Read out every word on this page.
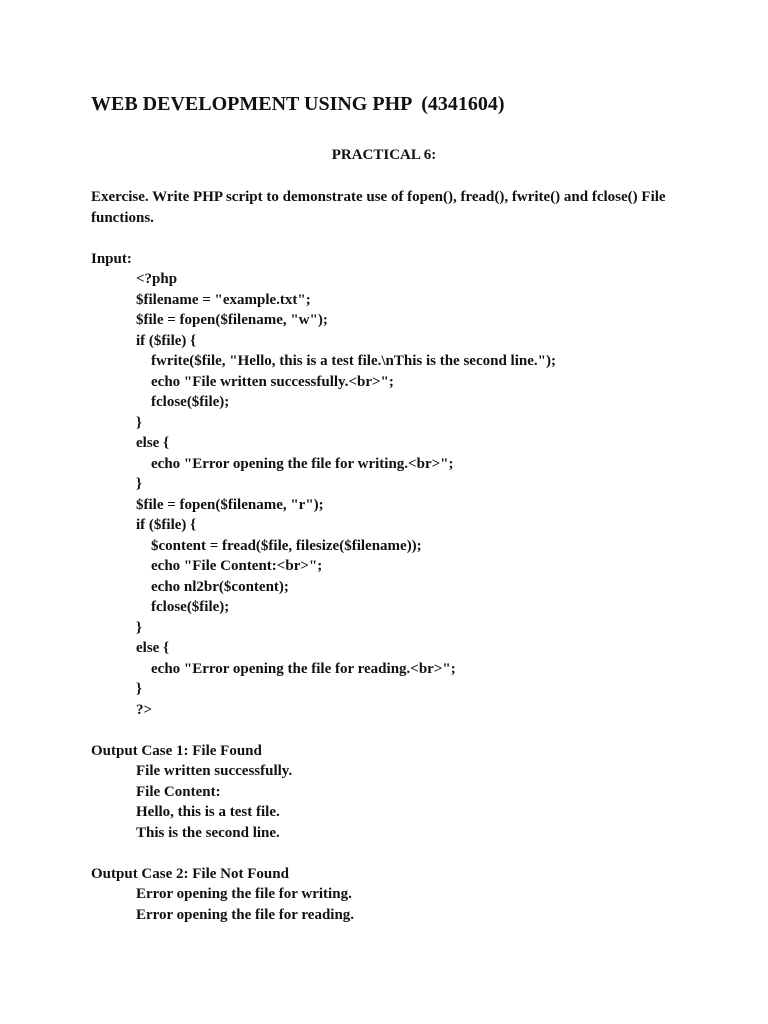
WEB DEVELOPMENT USING PHP  (4341604)
PRACTICAL 6:
Exercise. Write PHP script to demonstrate use of fopen(), fread(), fwrite() and fclose() File functions.
Input:
<?php
$filename = "example.txt";
$file = fopen($filename, "w");
if ($file) {
fwrite($file, "Hello, this is a test file.\nThis is the second line.");
echo "File written successfully.<br>";
fclose($file);
}
else {
echo "Error opening the file for writing.<br>";
}
$file = fopen($filename, "r");
if ($file) {
$content = fread($file, filesize($filename));
echo "File Content:<br>";
echo nl2br($content);
fclose($file);
}
else {
echo "Error opening the file for reading.<br>";
}
?>
Output Case 1: File Found
File written successfully.
File Content:
Hello, this is a test file.
This is the second line.
Output Case 2: File Not Found
Error opening the file for writing.
Error opening the file for reading.
